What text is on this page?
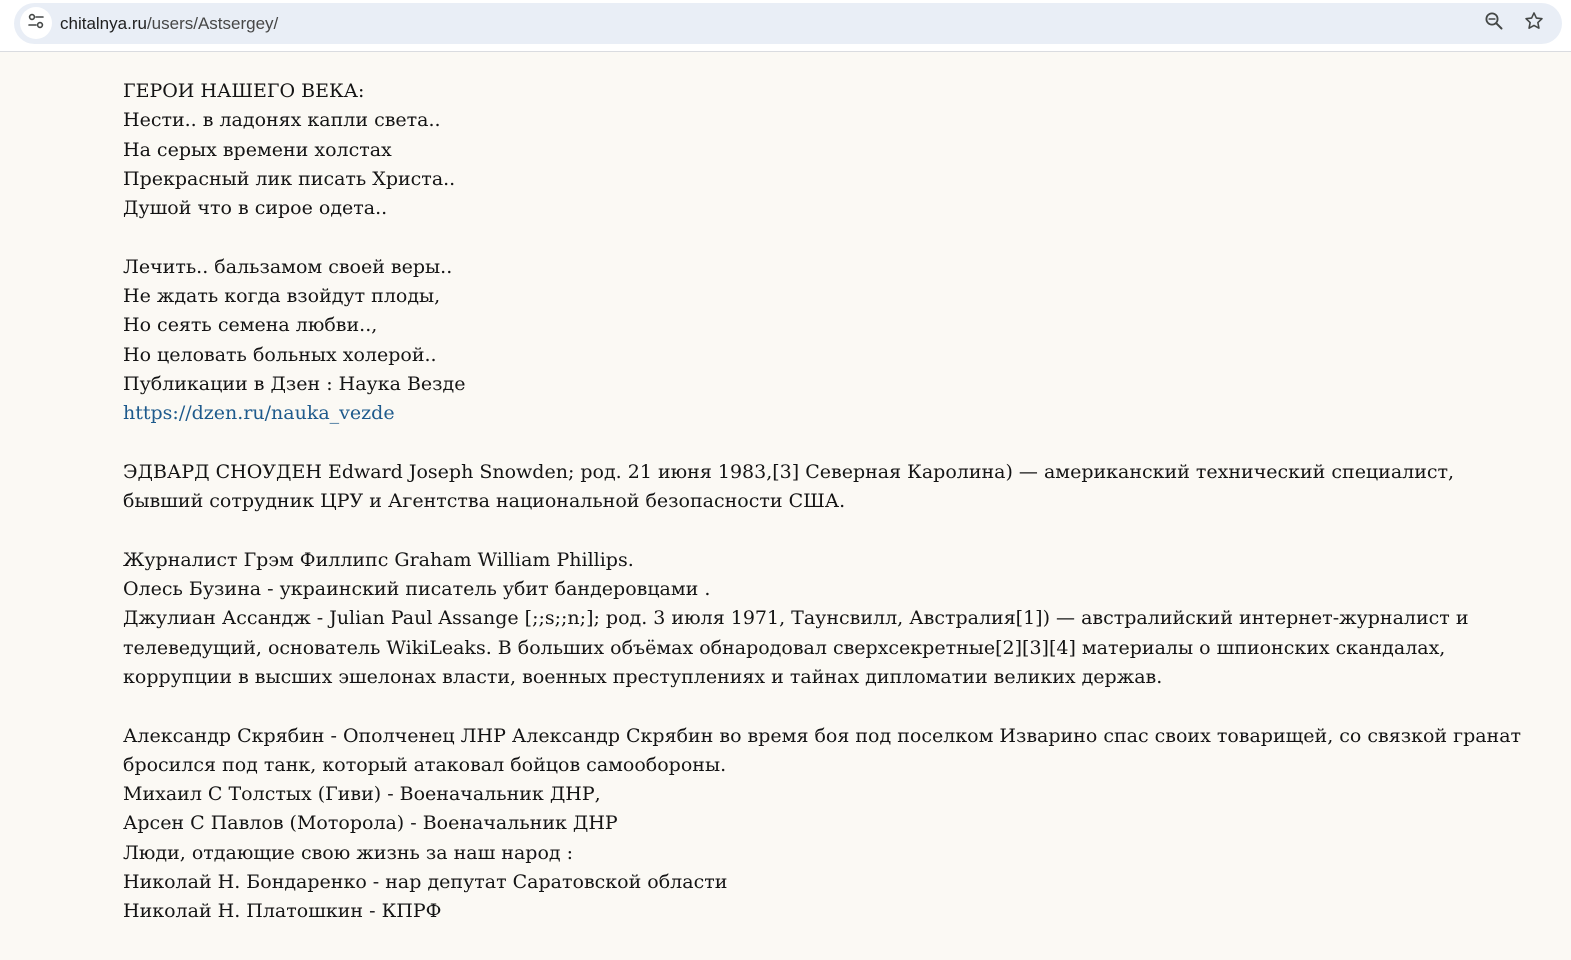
chitalnya.ru/users/Astsergey/

ГЕРОИ НАШЕГО ВЕКА:

Нести.. в ладонях капли света..

На серых времени холстах

Прекрасный лик писать Христа..

Душой что в сирое одета..

Лечить.. бальзамом своей веры..

Не ждать когда взойдут плоды,

Но сеять семена любви..,

Но целовать больных холерой..

Публикации в Дзен : Наука Везде

https://dzen.ru/nauka_vezde

ЭДВАРД СНОУДЕН Edward Joseph Snowden; род. 21 июня 1983,[3] Северная Каролина) — американский технический специалист, бывший сотрудник ЦРУ и Агентства национальной безопасности США.

Журналист Грэм Филлипс Graham William Phillips.

Олесь Бузина - украинский писатель убит бандеровцами .

Джулиан Ассандж - Julian Paul Assange [;;s;;n;]; род. 3 июля 1971, Таунсвилл, Австралия[1]) — австралийский интернет-журналист и телеведущий, основатель WikiLeaks. В больших объёмах обнародовал сверхсекретные[2][3][4] материалы о шпионских скандалах, коррупции в высших эшелонах власти, военных преступлениях и тайнах дипломатии великих держав.

Александр Скрябин - Ополченец ЛНР Александр Скрябин во время боя под поселком Изварино спас своих товарищей, со связкой гранат бросился под танк, который атаковал бойцов самообороны.

Михаил С Толстых (Гиви) - Военачальник ДНР,

Арсен С Павлов (Моторола) - Военачальник ДНР

Люди, отдающие свою жизнь за наш народ :

Николай Н. Бондаренко - нар депутат Саратовской области

Николай Н. Платошкин - КПРФ
